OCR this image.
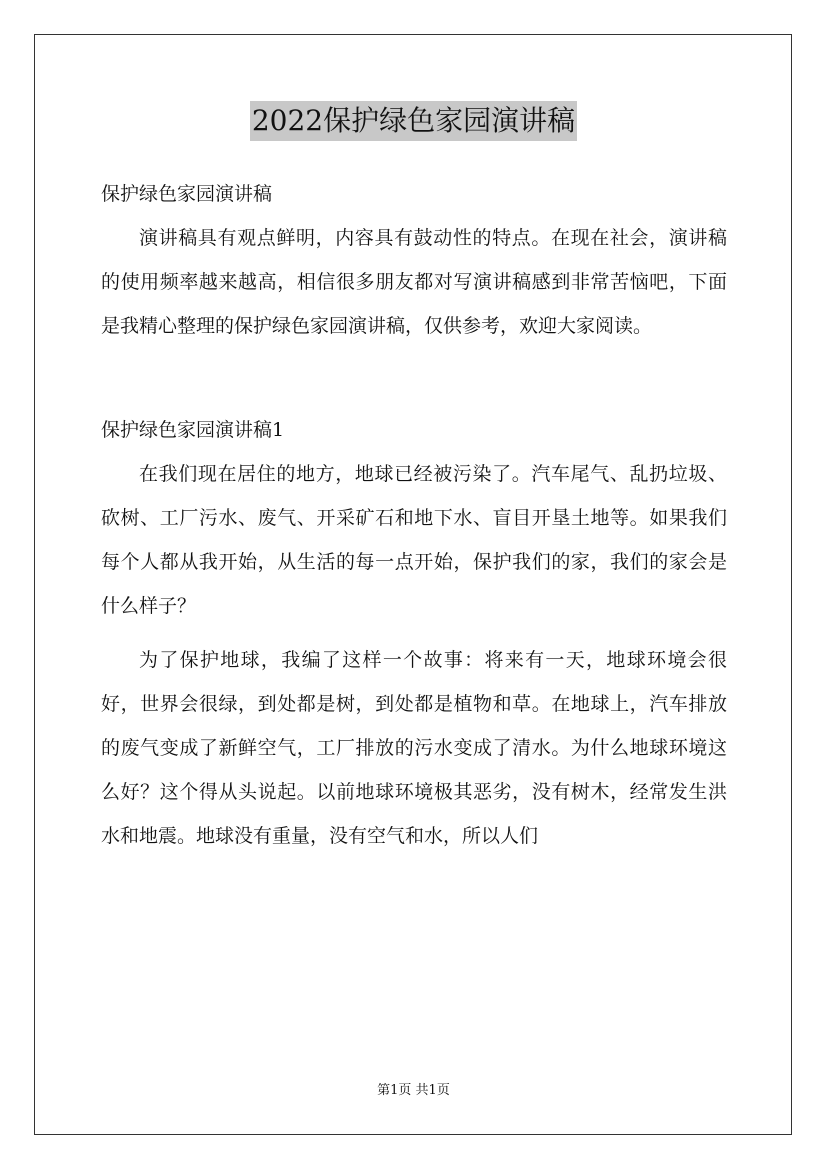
2022保护绿色家园演讲稿

保护绿色家园演讲稿

演讲稿具有观点鲜明，内容具有鼓动性的特点。在现在社会，演讲稿的使用频率越来越高，相信很多朋友都对写演讲稿感到非常苦恼吧，下面是我精心整理的保护绿色家园演讲稿，仅供参考，欢迎大家阅读。

保护绿色家园演讲稿1

在我们现在居住的地方，地球已经被污染了。汽车尾气、乱扔垃圾、砍树、工厂污水、废气、开采矿石和地下水、盲目开垦土地等。如果我们每个人都从我开始，从生活的每一点开始，保护我们的家，我们的家会是什么样子？

为了保护地球，我编了这样一个故事：将来有一天，地球环境会很好，世界会很绿，到处都是树，到处都是植物和草。在地球上，汽车排放的废气变成了新鲜空气，工厂排放的污水变成了清水。为什么地球环境这么好？这个得从头说起。以前地球环境极其恶劣，没有树木，经常发生洪水和地震。地球没有重量，没有空气和水，所以人们

第1页 共1页
